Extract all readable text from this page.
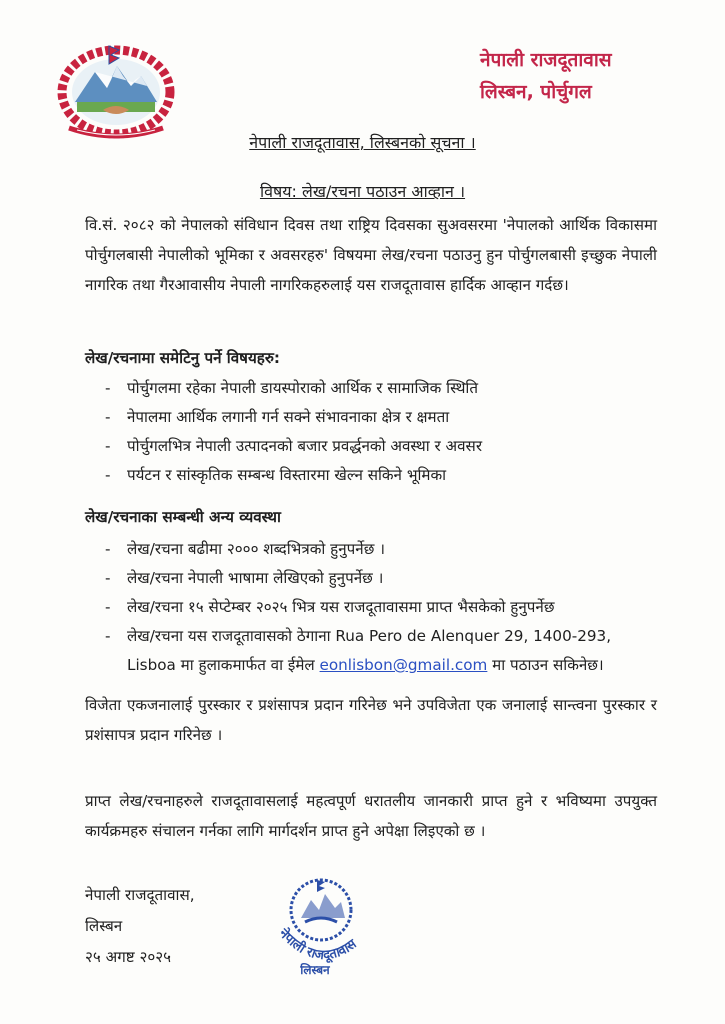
नेपाली राजदूतावास
लिस्बन, पोर्चुगल
नेपाली राजदूतावास, लिस्बनको सूचना ।
विषय: लेख/रचना पठाउन आव्हान ।
वि.सं. २०८२ को नेपालको संविधान दिवस तथा राष्ट्रिय दिवसका सुअवसरमा 'नेपालको आर्थिक विकासमा पोर्चुगलबासी नेपालीको भूमिका र अवसरहरु' विषयमा लेख/रचना पठाउनु हुन पोर्चुगलबासी इच्छुक नेपाली नागरिक तथा गैरआवासीय नेपाली नागरिकहरुलाई यस राजदूतावास हार्दिक आव्हान गर्दछ।
लेख/रचनामा समेटिनु पर्ने विषयहरु:
- पोर्चुगलमा रहेका नेपाली डायस्पोराको आर्थिक र सामाजिक स्थिति
- नेपालमा आर्थिक लगानी गर्न सक्ने संभावनाका क्षेत्र र क्षमता
- पोर्चुगलभित्र नेपाली उत्पादनको बजार प्रवर्द्धनको अवस्था र अवसर
- पर्यटन र सांस्कृतिक सम्बन्ध विस्तारमा खेल्न सकिने भूमिका
लेख/रचनाका सम्बन्धी अन्य व्यवस्था
- लेख/रचना बढीमा २००० शब्दभित्रको हुनुपर्नेछ ।
- लेख/रचना नेपाली भाषामा लेखिएको हुनुपर्नेछ ।
- लेख/रचना १५ सेप्टेम्बर २०२५ भित्र यस राजदूतावासमा प्राप्त भैसकेको हुनुपर्नेछ
- लेख/रचना यस राजदूतावासको ठेगाना Rua Pero de Alenquer 29, 1400-293,
Lisboa मा हुलाकमार्फत वा ईमेल eonlisbon@gmail.com मा पठाउन सकिनेछ।
विजेता एकजनालाई पुरस्कार र प्रशंसापत्र प्रदान गरिनेछ भने उपविजेता एक जनालाई सान्त्वना पुरस्कार र प्रशंसापत्र प्रदान गरिनेछ ।
प्राप्त लेख/रचनाहरुले राजदूतावासलाई महत्वपूर्ण धरातलीय जानकारी प्राप्त हुने र भविष्यमा उपयुक्त कार्यक्रमहरु संचालन गर्नका लागि मार्गदर्शन प्राप्त हुने अपेक्षा लिइएको छ ।
नेपाली राजदूतावास,
लिस्बन
२५ अगष्ट २०२५
नेपाली राजदूतावास
लिस्बन
